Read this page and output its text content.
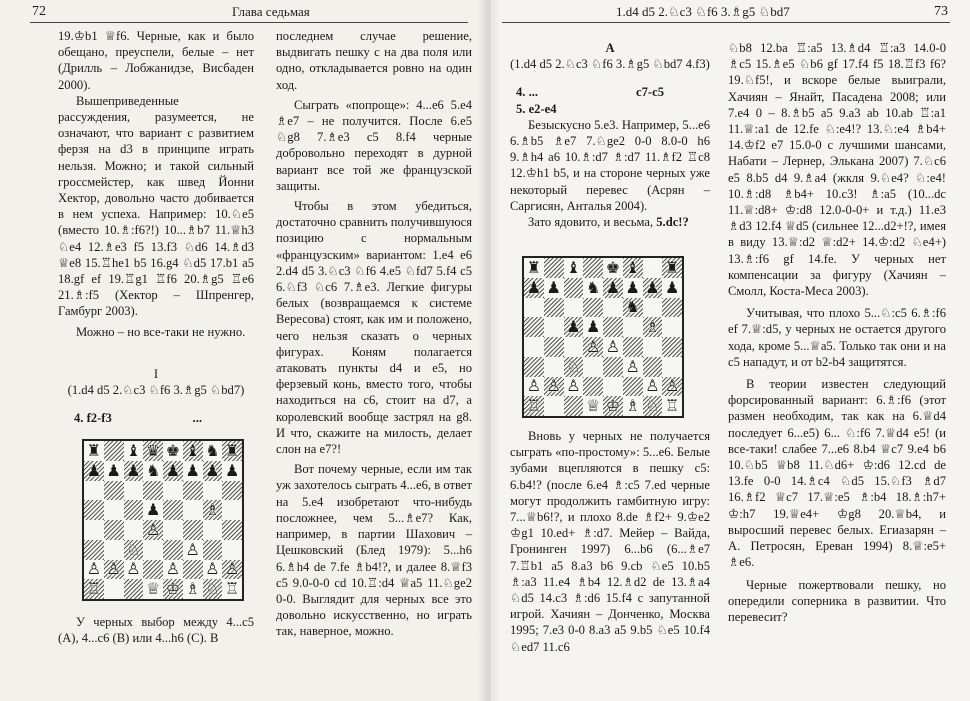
72	Глава седьмая

19.♔b1 ♕f6. Черные, как и было обещано, преуспели, белые – нет (Дрилль – Лобжанидзе, Висбаден 2000).

Вышеприведенные рассуждения, разумеется, не означают, что вариант с развитием ферзя на d3 в принципе играть нельзя. Можно; и такой сильный гроссмейстер, как швед Йонни Хектор, довольно часто добивается в нем успеха. Например: 10.♘e5 (вместо 10.♗:f6?!) 10...♗b7 11.♕h3 ♘e4 12.♗e3 f5 13.f3 ♘d6 14.♗d3 ♕e8 15.♖he1 b5 16.g4 ♘d5 17.b1 a5 18.gf ef 19.♖g1 ♖f6 20.♗g5 ♖e6 21.♗:f5 (Хектор – Шпренгер, Гамбург 2003).

Можно – но все-таки не нужно.

I

(1.d4 d5 2.♘c3 ♘f6 3.♗g5 ♘bd7)

4. f2-f3	...
♜ ♝ ♛ ♚ ♝ ♞ ♜
♟ ♟ ♟ ♞ ♟ ♟ ♟ ♟
♟	♗
♙
♘	♙
♙ ♙ ♙ ♙ ♙ ♙
♖	♕ ♔ ♗ ♘ ♖

У черных выбор между 4...c5 (A), 4...c6 (B) или 4...h6 (C). В

последнем случае решение, выдвигать пешку с на два поля или одно, откладывается ровно на один ход.

Сыграть «попроще»: 4...e6 5.e4 ♗e7 – не получится. После 6.e5 ♘g8 7.♗e3 c5 8.f4 черные добровольно переходят в дурной вариант все той же французской защиты.

Чтобы в этом убедиться, достаточно сравнить получившуюся позицию с нормальным «французским» вариантом: 1.e4 e6 2.d4 d5 3.♘c3 ♘f6 4.e5 ♘fd7 5.f4 c5 6.♘f3 ♘c6 7.♗e3. Легкие фигуры белых (возвращаемся к системе Вересова) стоят, как им и положено, чего нельзя сказать о черных фигурах. Коням полагается атаковать пункты d4 и e5, но ферзевый конь, вместо того, чтобы находиться на c6, стоит на d7, а королевский вообще застрял на g8. И что, скажите на милость, делает слон на e7?!

Вот почему черные, если им так уж захотелось сыграть 4...e6, в ответ на 5.e4 изобретают что-нибудь посложнее, чем 5...♗e7? Как, например, в партии Шахович – Цешковский (Блед 1979): 5...h6 6.♗h4 de 7.fe ♗b4!?, и далее 8.♕f3 c5 9.0-0-0 cd 10.♖:d4 ♕a5 11.♘ge2 0-0. Выглядит для черных все это довольно искусственно, но играть так, наверное, можно.

1.d4 d5 2.♘c3 ♘f6 3.♗g5 ♘bd7	73

A

(1.d4 d5 2.♘c3 ♘f6 3.♗g5 ♘bd7 4.f3)

4. ...	c7-c5

5. e2-e4

Безыскусно 5.e3. Например, 5...e6 6.♗b5 ♗e7 7.♘ge2 0-0 8.0-0 h6 9.♗h4 a6 10.♗:d7 ♗:d7 11.♗f2 ♖c8 12.♔h1 b5, и на стороне черных уже некоторый перевес (Асрян – Саргисян, Анталья 2004).

Зато ядовито, и весьма, 5.dc!?

♜ ♝ ♚ ♝ ♜
♟ ♟ ♞ ♟ ♟ ♟ ♟
♞
♟ ♟	♗
♙ ♙
♘	♙
♙ ♙ ♙	♙ ♙
♖	♕ ♔ ♗ ♘ ♖

Вновь у черных не получается сыграть «по-простому»: 5...e6. Белые зубами вцепляются в пешку c5: 6.b4!? (после 6.e4 ♗:c5 7.ed черные могут продолжить гамбитную игру: 7...♕b6!?, и плохо 8.de ♗f2+ 9.♔e2 ♔g1 10.ed+ ♗:d7. Мейер – Вайда, Гронинген 1997) 6...b6 (6...♗e7 7.♖b1 a5 8.a3 b6 9.cb ♘e5 10.b5 ♗:a3 11.e4 ♗b4 12.♗d2 de 13.♗a4 ♘d5 14.c3 ♗:d6 15.f4 с запутанной игрой. Хачиян – Донченко, Москва 1995; 7.e3 0-0 8.a3 a5 9.b5 ♘e5 10.f4 ♘ed7 11.c6

♘b8 12.ba ♖:a5 13.♗d4 ♖:a3 14.0-0 ♗c5 15.♗e5 ♘b6 gf 17.f4 f5 18.♖f3 f6? 19.♘f5!, и вскоре белые выиграли, Хачиян – Янайт, Пасадена 2008; или 7.e4 0 – 8.♗b5 a5 9.a3 ab 10.ab ♖:a1 11.♕:a1 de 12.fe ♘:e4!? 13.♘:e4 ♗b4+ 14.♔f2 e7 15.0-0 с лучшими шансами, Набати – Лернер, Элькана 2007) 7.♘c6 e5 8.b5 d4 9.♗a4 (жкля 9.♘e4? ♘:e4! 10.♗:d8 ♗b4+ 10.c3! ♗:a5 (10...dc 11.♕:d8+ ♔:d8 12.0-0-0+ и т.д.) 11.e3 ♗d3 12.f4 ♕d5 (сильнее 12...d2+!?, имея в виду 13.♕:d2 ♕:d2+ 14.♔:d2 ♘e4+) 13.♗:f6 gf 14.fe. У черных нет компенсации за фигуру (Хачиян – Смолл, Коста-Меса 2003).

Учитывая, что плохо 5...♘:c5 6.♗:f6 ef 7.♕:d5, у черных не остается другого хода, кроме 5...♕a5. Только так они и на c5 нападут, и от b2-b4 защитятся.

В теории известен следующий форсированный вариант: 6.♗:f6 (этот размен необходим, так как на 6.♕d4 последует 6...e5) 6... ♘:f6 7.♕d4 e5! (и все-таки! слабее 7...e6 8.b4 ♕c7 9.e4 b6 10.♘b5 ♕b8 11.♘d6+ ♔:d6 12.cd de 13.fe 0-0 14.♗c4 ♘d5 15.♘f3 ♗d7 16.♗f2 ♕c7 17.♕:e5 ♗:b4 18.♗:h7+ ♔:h7 19.♕e4+ ♔g8 20.♕b4, и выросший перевес белых. Егиазарян – А. Петросян, Ереван 1994) 8.♕:e5+ ♗e6.

Черные пожертвовали пешку, но опередили соперника в развитии. Что перевесит?
